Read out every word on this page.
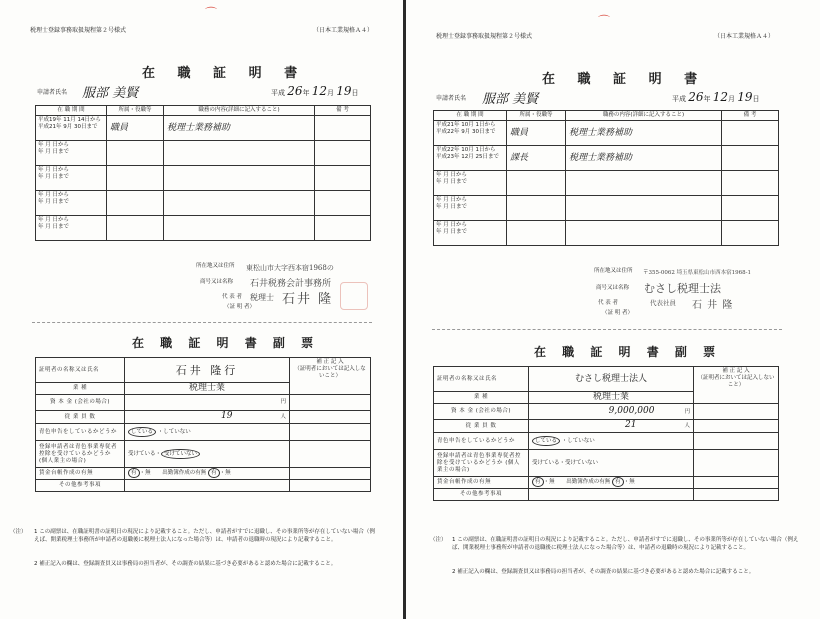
⌒
税理士登録事務取扱規程第２号様式	（日本工業規格Ａ４）
在 職 証 明 書
申請者氏名 服部 美賢	平成 26年 12月 19日
在 職 期 間	所属・役職等	職務の内容(詳細に記入すること)	備 考

平成19年 11月 14日から
平成21年 9月 30日まで	職員	税理士業務補助	

年 月 日から
年 月 日まで			

年 月 日から
年 月 日まで			

年 月 日から
年 月 日まで			

年 月 日から
年 月 日まで			

所在地又は住所 東松山市大字西本宿1968の
商号又は名称 石井税務会計事務所
代 表 者
（証 明 者）
税理士 石井 隆
在 職 証 明 書 副 票
証明者の名称又は氏名	石井 隆行	補 正 記 入
（証明者においては記入しないこと）

業 種	税理士業	
資 本 金 (会社の場合)	円	
従 業 員 数	19 人	
青色申告をしているかどうか	している ・していない	
登録申請者は青色事業専従者控除を受けているかどうか (個人業主の場合)	受けている・ 受けていない	
賃金台帳作成の有無	有 ・無 出勤簿作成の有無 有 ・無	
その他参考事項		
（注） 1 この副票は、在職証明書の証明日の現況により記載すること。ただし、申請者がすでに退職し、その事業所等が存在していない場合（例えば、開業税理士事務所が申請者の退職後に税理士法人になった場合等）は、申請者の退職時の現況により記載すること。
2 補正記入の欄は、登録調査員又は事務局の担当者が、その調査の結果に基づき必要があると認めた場合に記載すること。
⌒
税理士登録事務取扱規程第２号様式	（日本工業規格Ａ４）
在 職 証 明 書
申請者氏名 服部 美賢	平成 26年 12月 19日
在 職 期 間	所属・役職等	職務の内容(詳細に記入すること)	備 考

平成21年 10月 1日から
平成22年 9月 30日まで	職員	税理士業務補助	

平成22年 10月 1日から
平成23年 12月 25日まで	課長	税理士業務補助	

年 月 日から
年 月 日まで			

年 月 日から
年 月 日まで			

年 月 日から
年 月 日まで			

所在地又は住所 〒355-0062 埼玉県東松山市西本宿1968-1
商号又は名称 むさし税理士法
代 表 者
（証 明 者）
代表社員 石 井 隆
在 職 証 明 書 副 票
証明者の名称又は氏名	むさし税理士法人	補 正 記 入
（証明者においては記入しないこと）

業 種	税理士業	
資 本 金 (会社の場合)	9,000,000 円	
従 業 員 数	21 人	
青色申告をしているかどうか	している ・していない	
登録申請者は青色事業専従者控除を受けているかどうか (個人業主の場合)	受けている・受けていない	
賃金台帳作成の有無	有 ・無 出勤簿作成の有無 有 ・無	
その他参考事項		
（注） 1 この副票は、在職証明書の証明日の現況により記載すること。ただし、申請者がすでに退職し、その事業所等が存在していない場合（例えば、開業税理士事務所が申請者の退職後に税理士法人になった場合等）は、申請者の退職時の現況により記載すること。
2 補正記入の欄は、登録調査員又は事務局の担当者が、その調査の結果に基づき必要があると認めた場合に記載すること。
